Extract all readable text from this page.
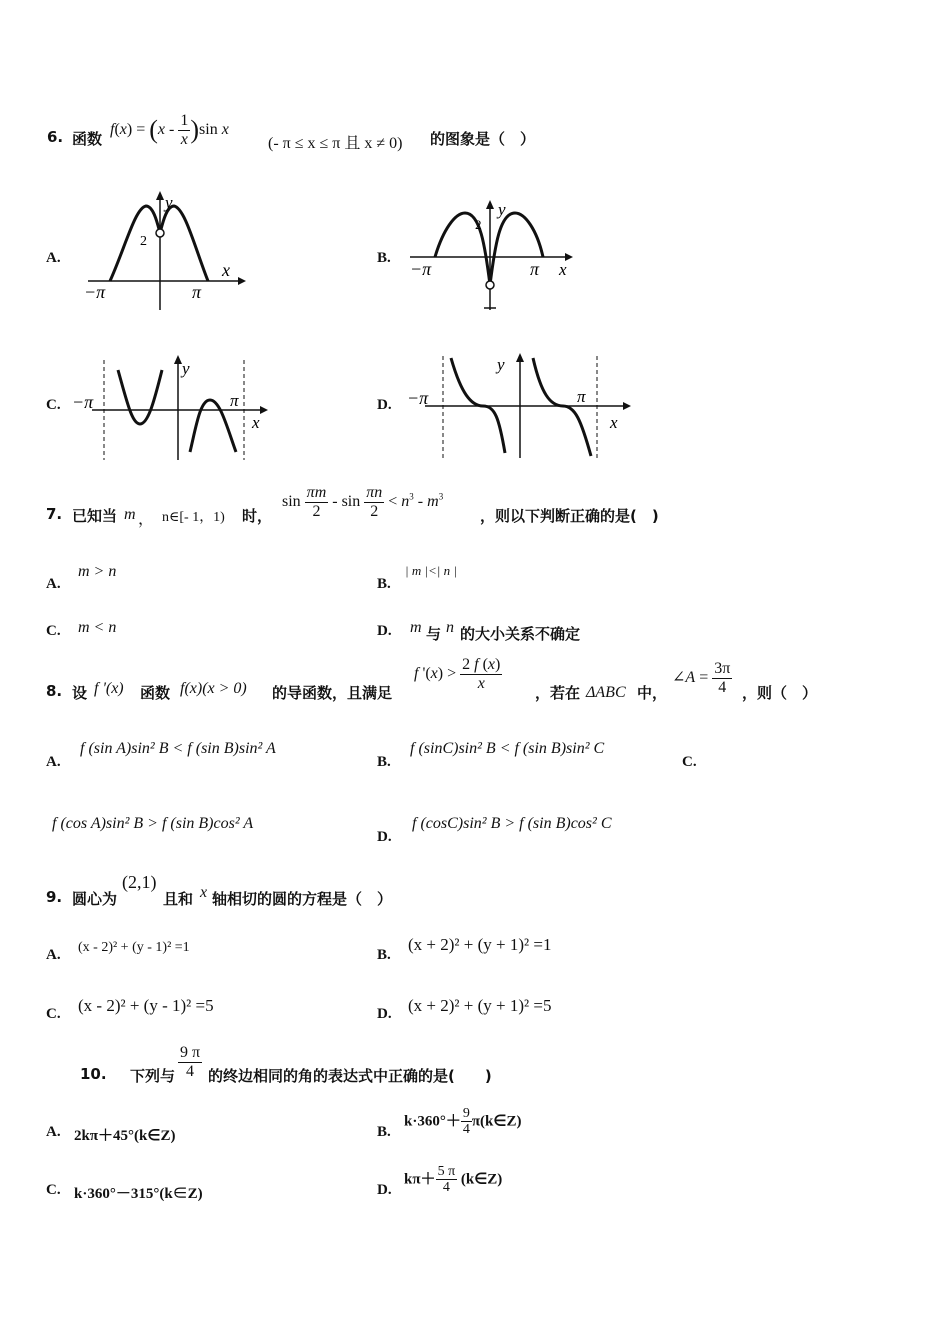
6. 函数
$f(x) = (x - \frac{1}{x} )\sin$ x
(- π ≤ x ≤ π 且 x ≠ 0) 的图象是（　）
A.
y
x
2
−π	π
B.
y
2
x
−π	π
C.
y
−π	π
x
D.
y
−π	π
x
7. 已知当 m ， n∈[- 1，1) 时，
$\sin \frac{\pi m}{2} - \sin \frac{\pi n}{2} < n^3 - m^3$
，则以下判断正确的是(　)
A.
m > n
B.
| m |<| n |
C. m < n	D. m 与 n 的大小关系不确定
8. 设 f '(x) 函数 f(x)(x > 0) 的导函数，且满足
f '$(x) > \frac{2 f (x)}{x}$
，若在 ΔABC 中，
∠A = $\frac{3\pi}{4}$ ，则（　）
A.
f (sin A)sin² B < f (sin B)sin² A
B.
f (sinC)sin² B < f (sin B)sin² C
C.
f (cos A)sin² B > f (sin B)cos² A
D.
f (cosC)sin² B > f (sin B)cos² C
9. 圆心为
(2,1)
且和 x 轴相切的圆的方程是（　）
A. (x - 2)² + (y - 1)² =1	B.
(x + 2)² + (y + 1)² =1
C. (x - 2)² + (y - 1)² =5	D. (x + 2)² + (y + 1)² =5
10. 下列与 $\frac{9 \pi}{4}$ 的终边相同的角的表达式中正确的是(　　)
A. 2kπ＋45°(k∈Z)	B.
$k\cdot 360^\circ+ \frac{9}{4}$ π(k∈Z)
C. k·360°－315°(k∈Z)	D.
$k\pi+ \frac{5 \pi}{4}$ (k∈Z)
